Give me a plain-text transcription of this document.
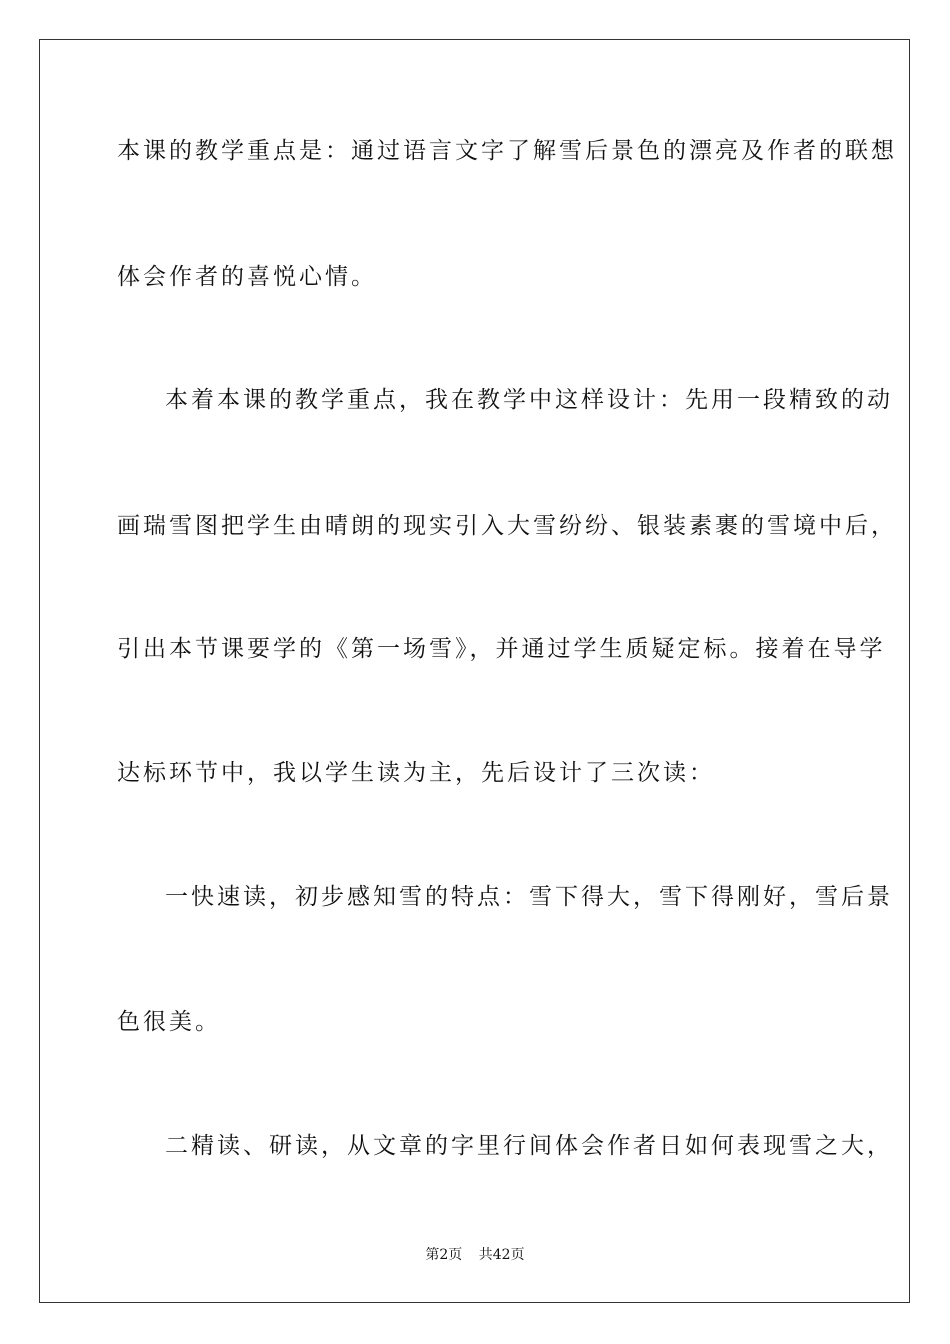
本课的教学重点是：通过语言文字了解雪后景色的漂亮及作者的联想
体会作者的喜悦心情。
本着本课的教学重点，我在教学中这样设计：先用一段精致的动
画瑞雪图把学生由晴朗的现实引入大雪纷纷、银装素裹的雪境中后，
引出本节课要学的《第一场雪》，并通过学生质疑定标。接着在导学
达标环节中，我以学生读为主，先后设计了三次读：
一快速读，初步感知雪的特点：雪下得大，雪下得刚好，雪后景
色很美。
二精读、研读，从文章的字里行间体会作者日如何表现雪之大，
第2页 共42页
